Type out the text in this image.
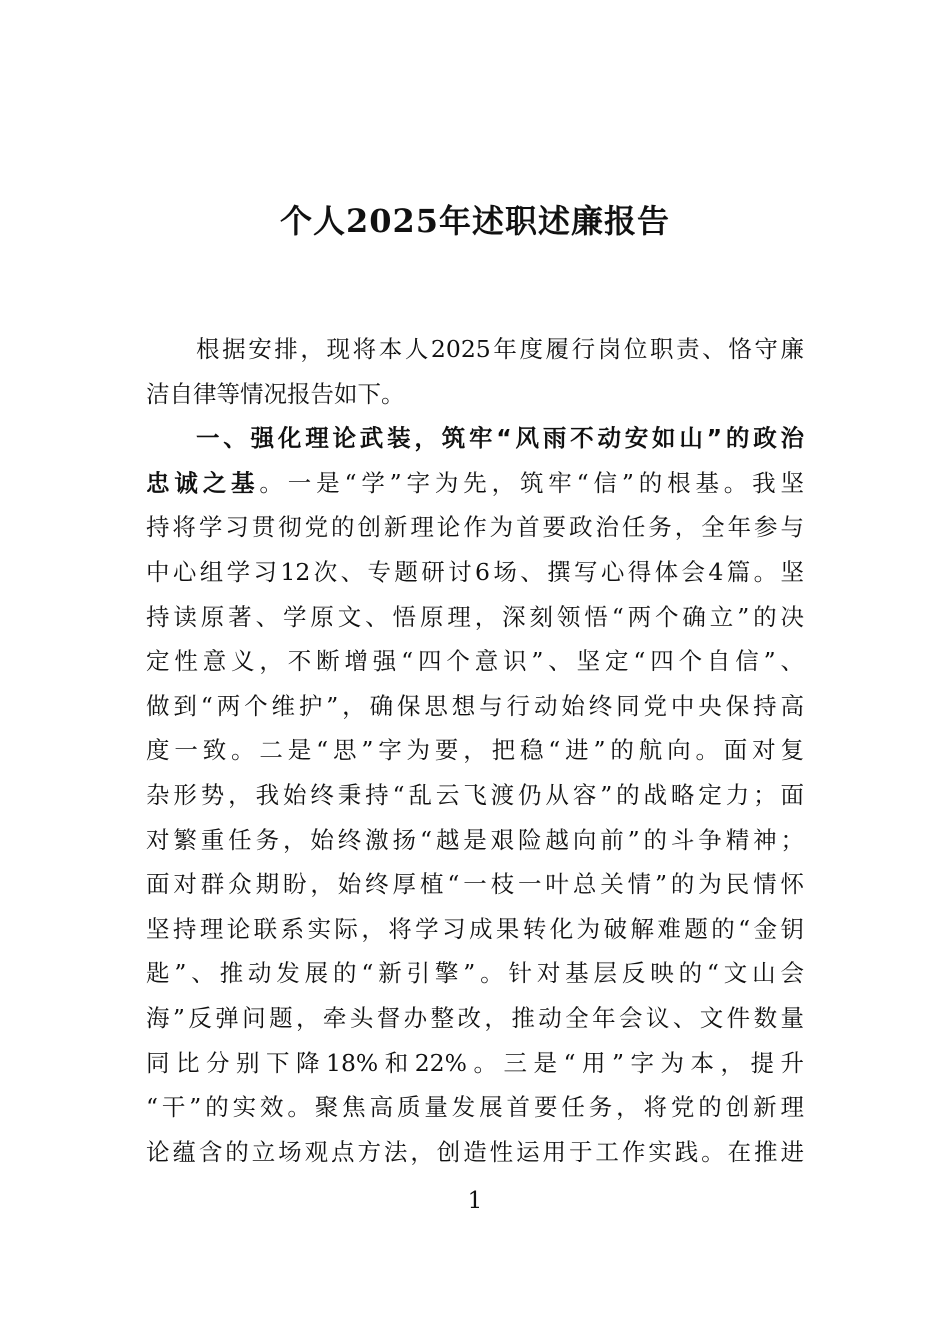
个人2025年述职述廉报告
根据安排，现将本人2025年度履行岗位职责、恪守廉
洁自律等情况报告如下。
一、强化理论武装，筑牢“风雨不动安如山”的政治
忠诚之基。一是“学”字为先，筑牢“信”的根基。我坚
持将学习贯彻党的创新理论作为首要政治任务，全年参与
中心组学习12次、专题研讨6场、撰写心得体会4篇。坚
持读原著、学原文、悟原理，深刻领悟“两个确立”的决
定性意义，不断增强“四个意识”、坚定“四个自信”、
做到“两个维护”，确保思想与行动始终同党中央保持高
度一致。二是“思”字为要，把稳“进”的航向。面对复
杂形势，我始终秉持“乱云飞渡仍从容”的战略定力；面
对繁重任务，始终激扬“越是艰险越向前”的斗争精神；
面对群众期盼，始终厚植“一枝一叶总关情”的为民情怀
坚持理论联系实际，将学习成果转化为破解难题的“金钥
匙”、推动发展的“新引擎”。针对基层反映的“文山会
海”反弹问题，牵头督办整改，推动全年会议、文件数量
同比分别下降18%和22%。三是“用”字为本，提升
“干”的实效。聚焦高质量发展首要任务，将党的创新理
论蕴含的立场观点方法，创造性运用于工作实践。在推进
1
